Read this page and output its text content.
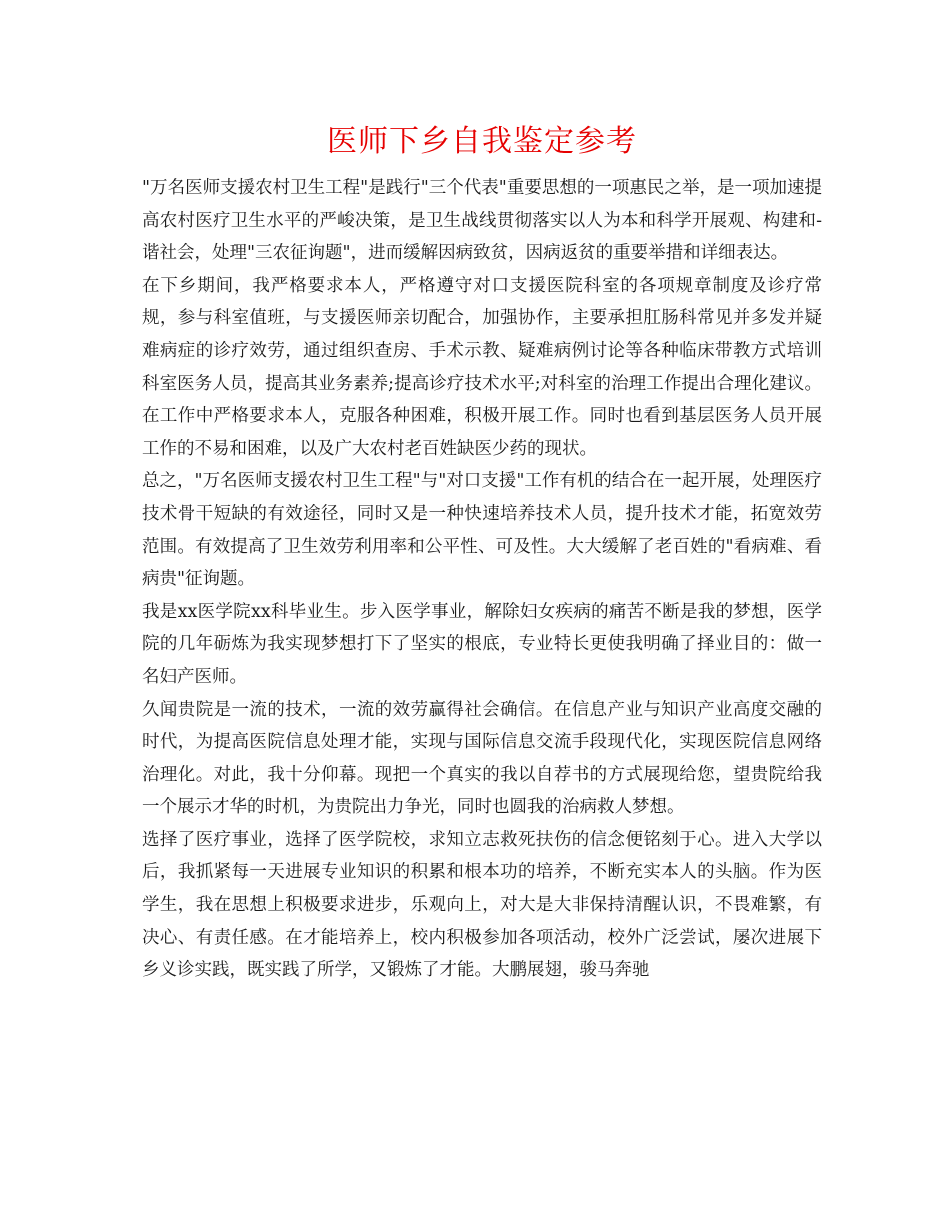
医师下乡自我鉴定参考

"万名医师支援农村卫生工程"是践行"三个代表"重要思想的一项惠民之举，是一项加速提高农村医疗卫生水平的严峻决策，是卫生战线贯彻落实以人为本和科学开展观、构建和-谐社会，处理"三农征询题"，进而缓解因病致贫，因病返贫的重要举措和详细表达。

在下乡期间，我严格要求本人，严格遵守对口支援医院科室的各项规章制度及诊疗常规，参与科室值班，与支援医师亲切配合，加强协作，主要承担肛肠科常见并多发并疑难病症的诊疗效劳，通过组织查房、手术示教、疑难病例讨论等各种临床带教方式培训科室医务人员，提高其业务素养;提高诊疗技术水平;对科室的治理工作提出合理化建议。在工作中严格要求本人，克服各种困难，积极开展工作。同时也看到基层医务人员开展工作的不易和困难，以及广大农村老百姓缺医少药的现状。

总之，"万名医师支援农村卫生工程"与"对口支援"工作有机的结合在一起开展，处理医疗技术骨干短缺的有效途径，同时又是一种快速培养技术人员，提升技术才能，拓宽效劳范围。有效提高了卫生效劳利用率和公平性、可及性。大大缓解了老百姓的"看病难、看病贵"征询题。

我是xx医学院xx科毕业生。步入医学事业，解除妇女疾病的痛苦不断是我的梦想，医学院的几年砺炼为我实现梦想打下了坚实的根底，专业特长更使我明确了择业目的：做一名妇产医师。

久闻贵院是一流的技术，一流的效劳赢得社会确信。在信息产业与知识产业高度交融的时代，为提高医院信息处理才能，实现与国际信息交流手段现代化，实现医院信息网络治理化。对此，我十分仰幕。现把一个真实的我以自荐书的方式展现给您，望贵院给我一个展示才华的时机，为贵院出力争光，同时也圆我的治病救人梦想。

选择了医疗事业，选择了医学院校，求知立志救死扶伤的信念便铭刻于心。进入大学以后，我抓紧每一天进展专业知识的积累和根本功的培养，不断充实本人的头脑。作为医学生，我在思想上积极要求进步，乐观向上，对大是大非保持清醒认识，不畏难繁，有决心、有责任感。在才能培养上，校内积极参加各项活动，校外广泛尝试，屡次进展下乡义诊实践，既实践了所学，又锻炼了才能。大鹏展翅，骏马奔驰
